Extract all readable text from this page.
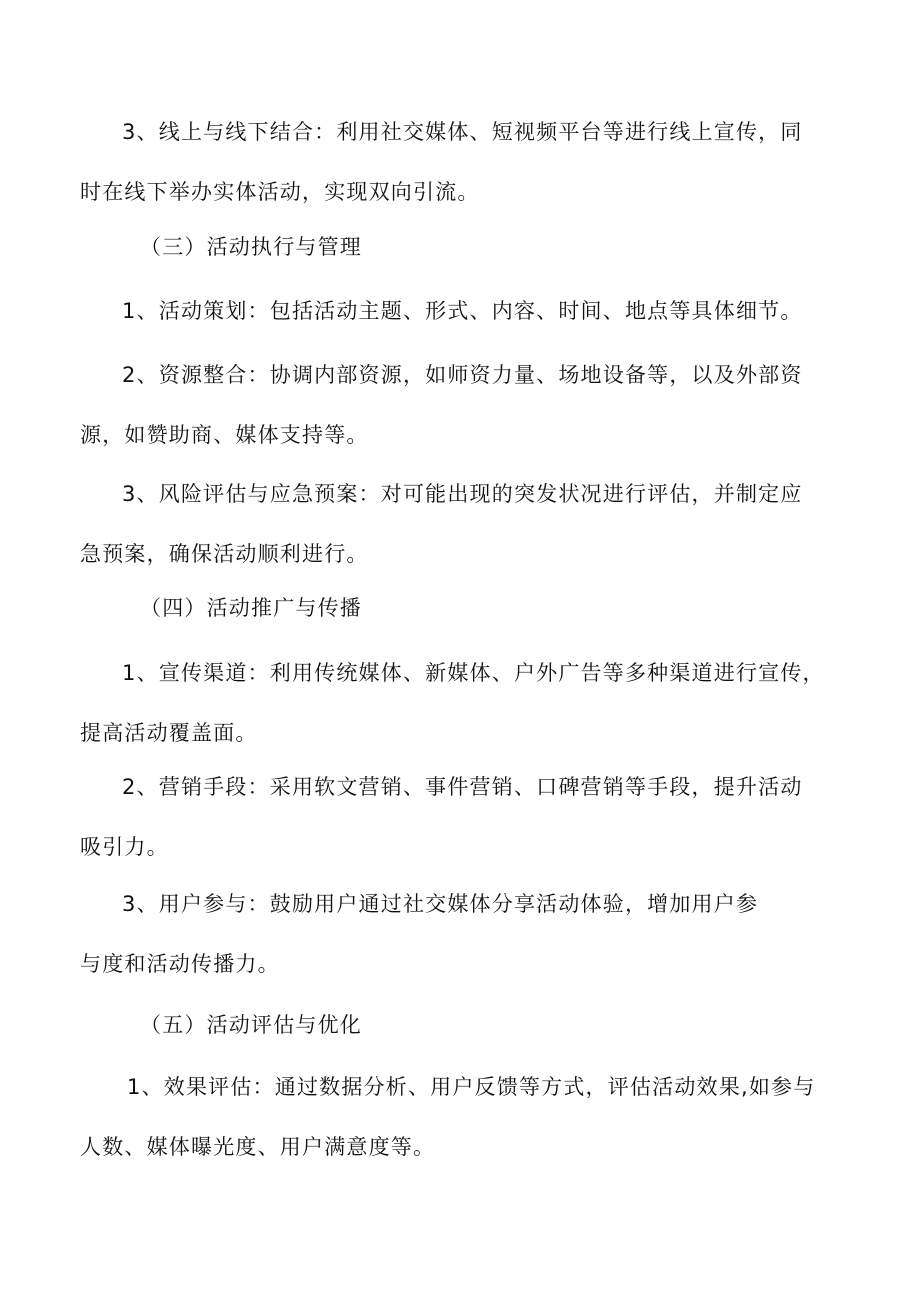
3、线上与线下结合：利用社交媒体、短视频平台等进行线上宣传，同
时在线下举办实体活动，实现双向引流。
（三）活动执行与管理
1、活动策划：包括活动主题、形式、内容、时间、地点等具体细节。
2、资源整合：协调内部资源，如师资力量、场地设备等，以及外部资
源，如赞助商、媒体支持等。
3、风险评估与应急预案：对可能出现的突发状况进行评估，并制定应
急预案，确保活动顺利进行。
（四）活动推广与传播
1、宣传渠道：利用传统媒体、新媒体、户外广告等多种渠道进行宣传，
提高活动覆盖面。
2、营销手段：采用软文营销、事件营销、口碑营销等手段，提升活动
吸引力。
3、用户参与：鼓励用户通过社交媒体分享活动体验，增加用户参
与度和活动传播力。
（五）活动评估与优化
1、效果评估：通过数据分析、用户反馈等方式，评估活动效果,如参与
人数、媒体曝光度、用户满意度等。
